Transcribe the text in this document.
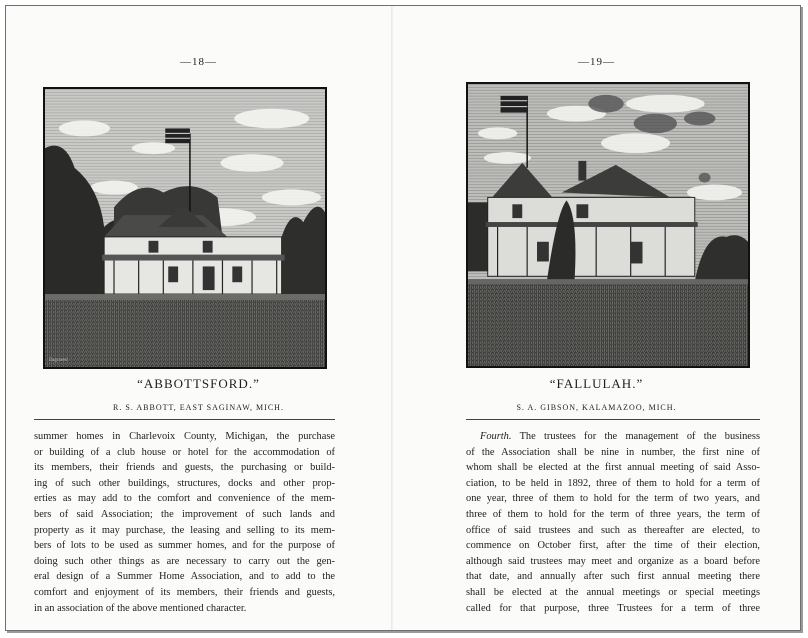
—18—
Engraved
“ABBOTTSFORD.”
R. S. ABBOTT, EAST SAGINAW, MICH.
summer homes in Charlevoix County, Michigan, the purchase
or building of a club house or hotel for the accommodation of
its members, their friends and guests, the purchasing or build-
ing of such other buildings, structures, docks and other prop-
erties as may add to the comfort and convenience of the mem-
bers of said Association; the improvement of such lands and
property as it may purchase, the leasing and selling to its mem-
bers of lots to be used as summer homes, and for the purpose of
doing such other things as are necessary to carry out the gen-
eral design of a Summer Home Association, and to add to the
comfort and enjoyment of its members, their friends and guests,
in an association of the above mentioned character.
—19—
“FALLULAH.”
S. A. GIBSON, KALAMAZOO, MICH.
Fourth. The trustees for the management of the business
of the Association shall be nine in number, the first nine of
whom shall be elected at the first annual meeting of said Asso-
ciation, to be held in 1892, three of them to hold for a term of
one year, three of them to hold for the term of two years, and
three of them to hold for the term of three years, the term of
office of said trustees and such as thereafter are elected, to
commence on October first, after the time of their election,
although said trustees may meet and organize as a board before
that date, and annually after such first annual meeting there
shall be elected at the annual meetings or special meetings
called for that purpose, three Trustees for a term of three
